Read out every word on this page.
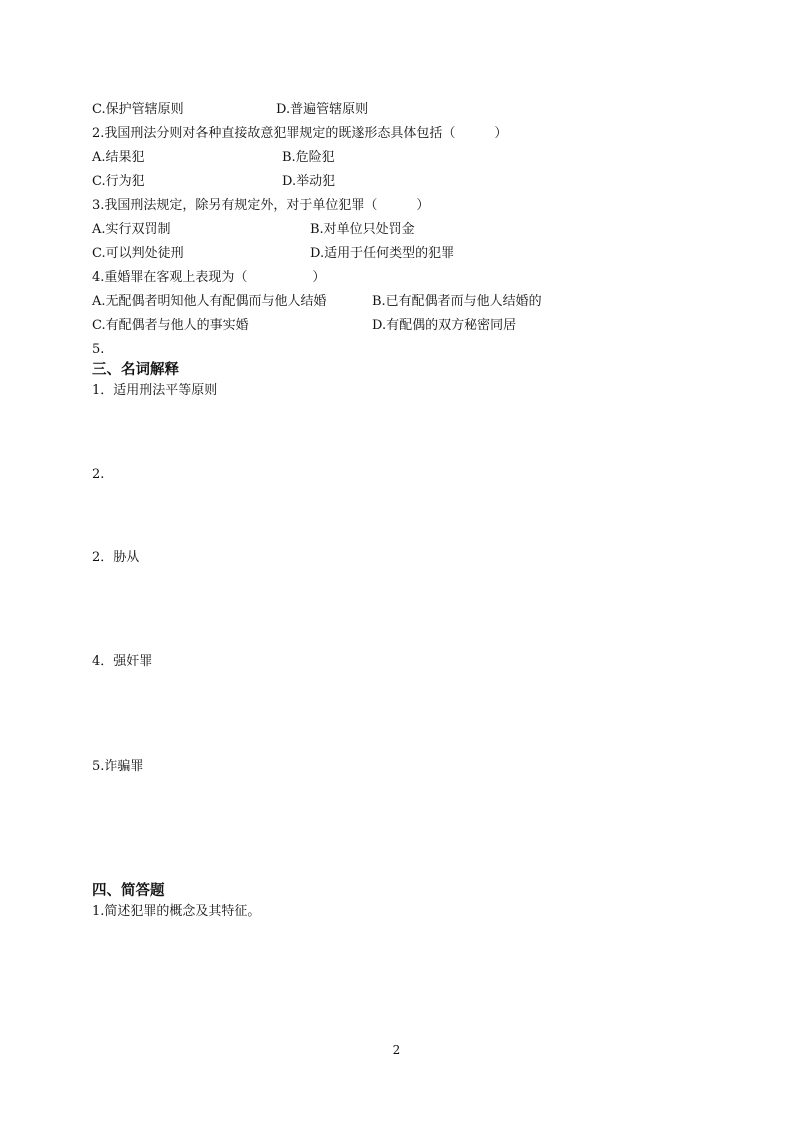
C.保护管辖原则	D.普遍管辖原则
2.我国刑法分则对各种直接故意犯罪规定的既遂形态具体包括（　　　）
A.结果犯	B.危险犯
C.行为犯	D.举动犯
3.我国刑法规定，除另有规定外，对于单位犯罪（　　　）
A.实行双罚制	B.对单位只处罚金
C.可以判处徒刑	D.适用于任何类型的犯罪
4.重婚罪在客观上表现为（　　　　　）
A.无配偶者明知他人有配偶而与他人结婚	B.已有配偶者而与他人结婚的
C.有配偶者与他人的事实婚	D.有配偶的双方秘密同居
5.
三、名词解释
1．适用刑法平等原则
2.
2．胁从
4．强奸罪
5.诈骗罪
四、简答题
1.简述犯罪的概念及其特征。
2
